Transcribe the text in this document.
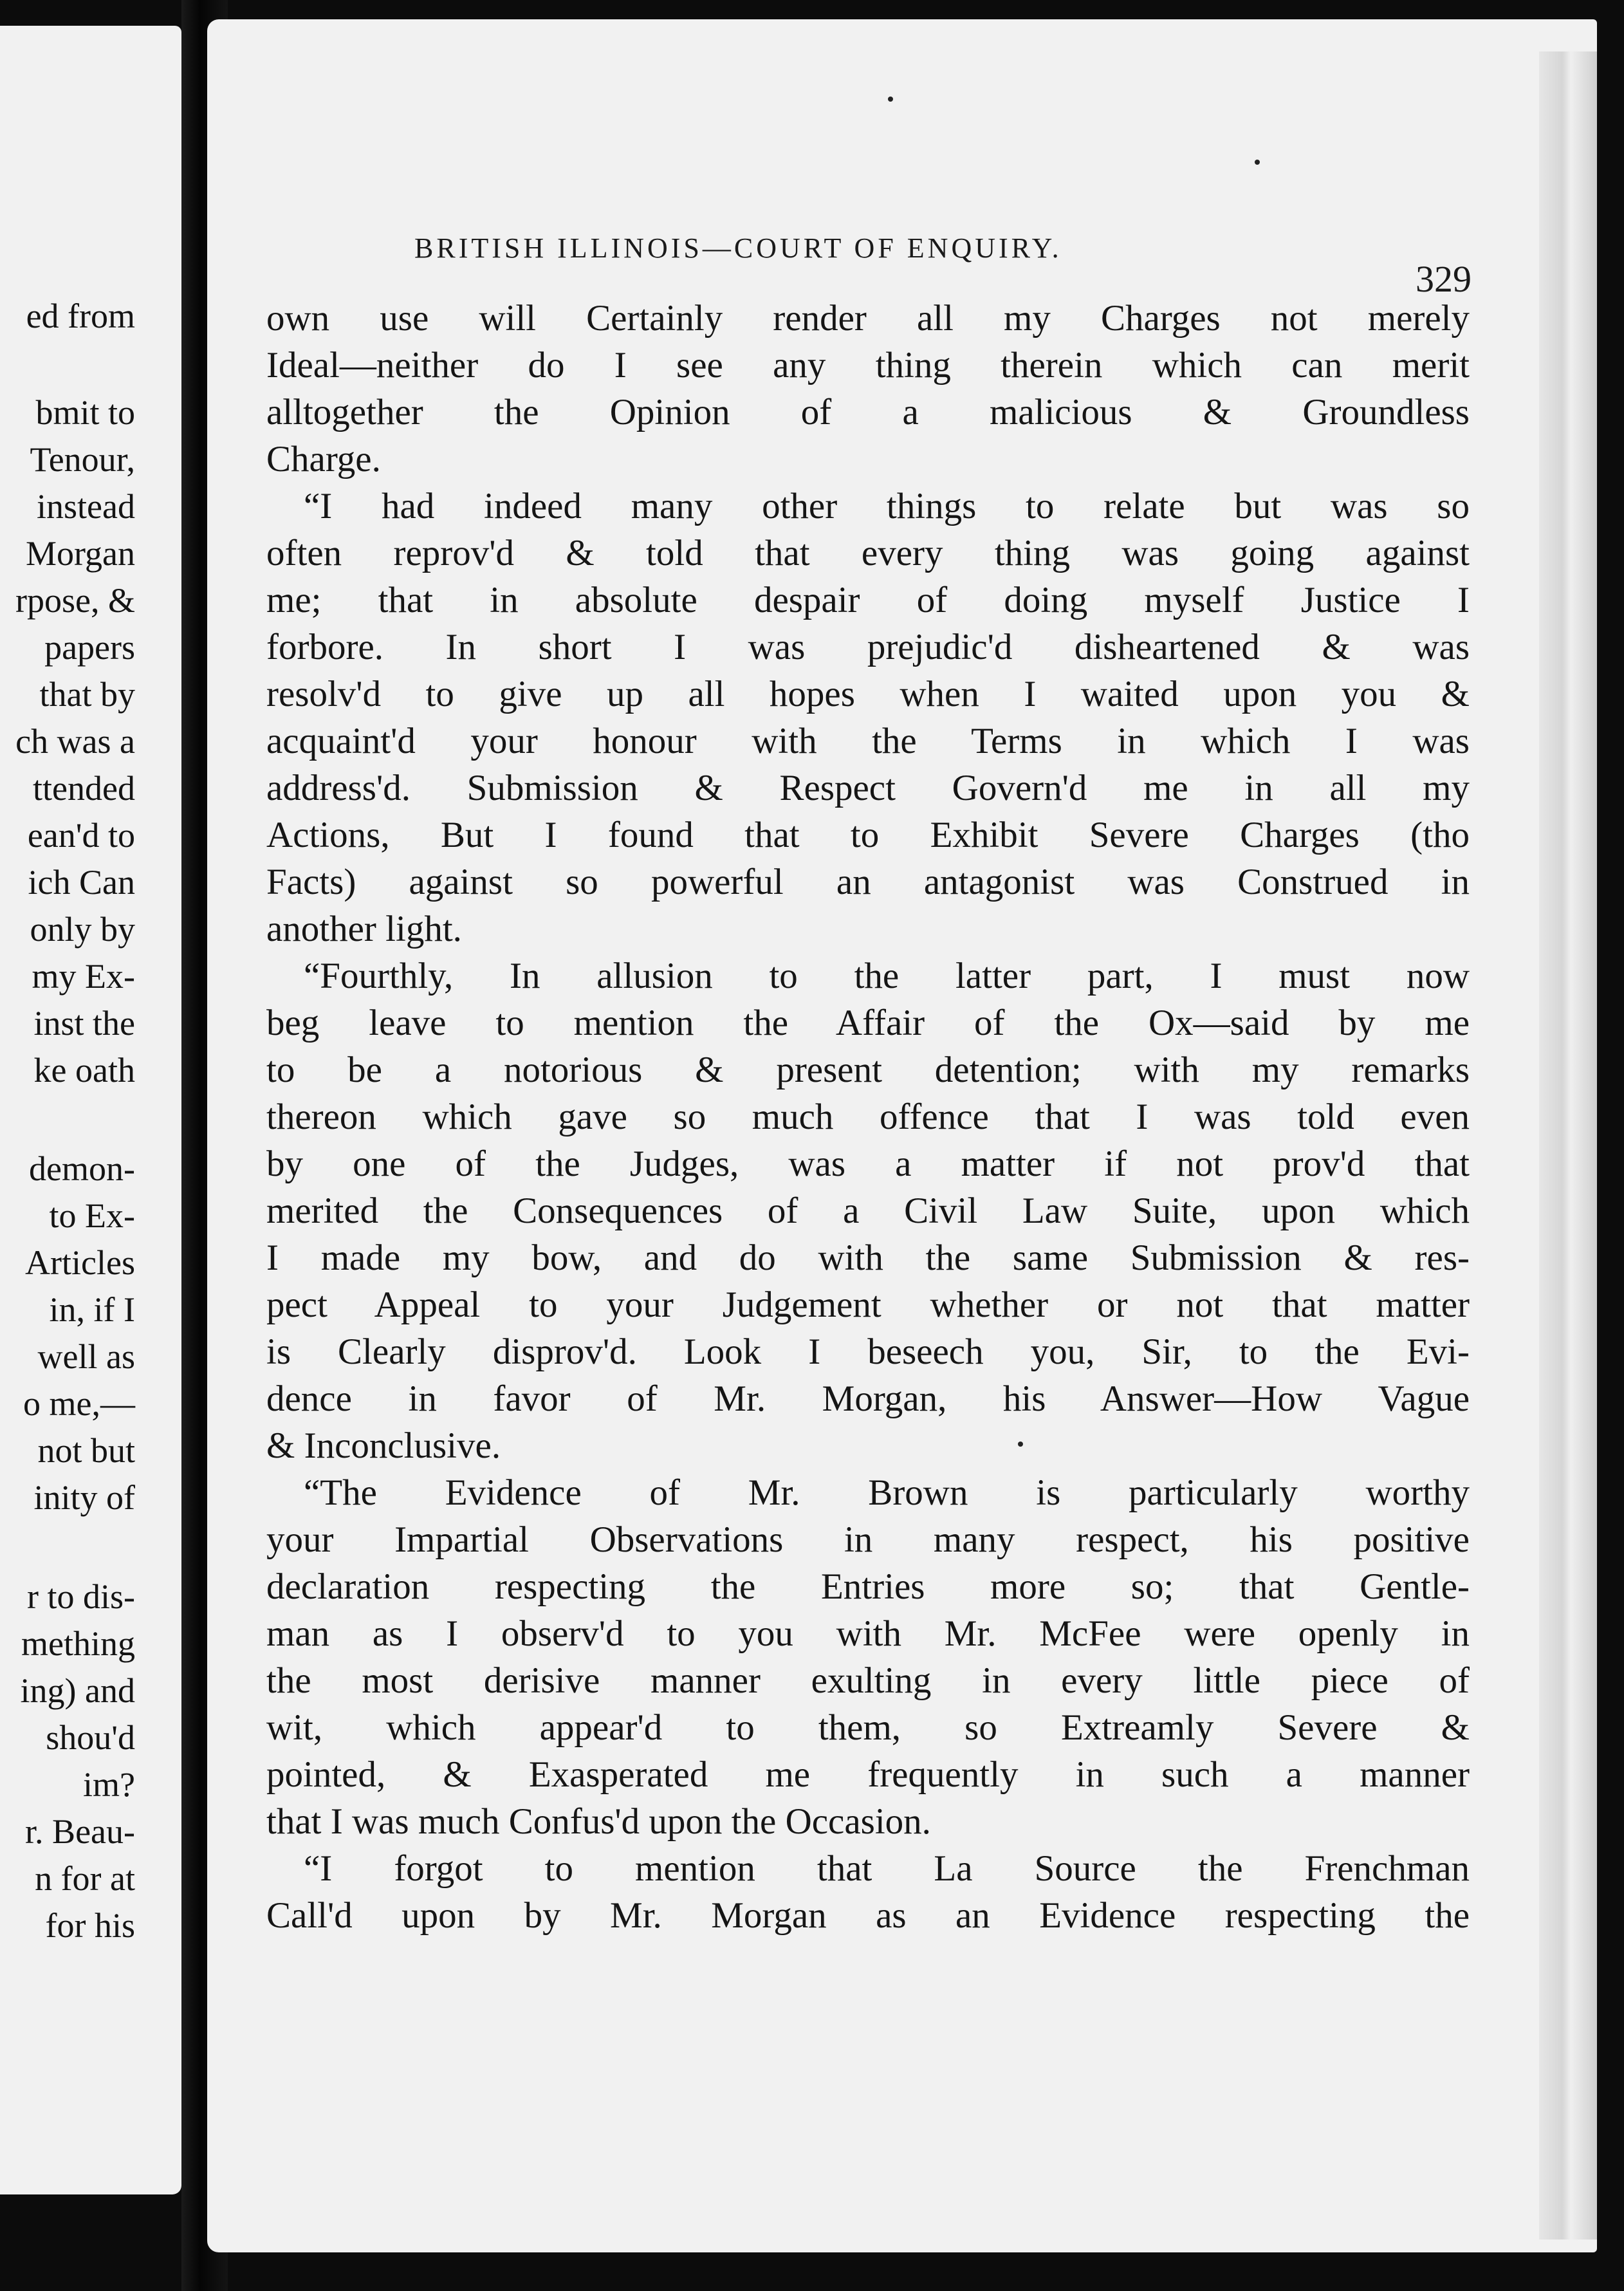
ed from
bmit to
Tenour,
instead
Morgan
rpose, &
papers
that by
ch was a
ttended
ean'd to
ich Can
only by
my Ex-
inst the
ke oath
demon-
to Ex-
Articles
in, if I
well as
o me,—
not but
inity of
r to dis-
mething
ing) and
shou'd
im?
r. Beau-
n for at
for his
BRITISH ILLINOIS—COURT OF ENQUIRY.
329
own use will Certainly render all my Charges not merely
Ideal—neither do I see any thing therein which can merit
alltogether the Opinion of a malicious & Groundless
Charge.
“I had indeed many other things to relate but was so
often reprov'd & told that every thing was going against
me; that in absolute despair of doing myself Justice I
forbore. In short I was prejudic'd disheartened & was
resolv'd to give up all hopes when I waited upon you &
acquaint'd your honour with the Terms in which I was
address'd. Submission & Respect Govern'd me in all my
Actions, But I found that to Exhibit Severe Charges (tho
Facts) against so powerful an antagonist was Construed in
another light.
“Fourthly, In allusion to the latter part, I must now
beg leave to mention the Affair of the Ox—said by me
to be a notorious & present detention; with my remarks
thereon which gave so much offence that I was told even
by one of the Judges, was a matter if not prov'd that
merited the Consequences of a Civil Law Suite, upon which
I made my bow, and do with the same Submission & res-
pect Appeal to your Judgement whether or not that matter
is Clearly disprov'd. Look I beseech you, Sir, to the Evi-
dence in favor of Mr. Morgan, his Answer—How Vague
& Inconclusive.
“The Evidence of Mr. Brown is particularly worthy
your Impartial Observations in many respect, his positive
declaration respecting the Entries more so; that Gentle-
man as I observ'd to you with Mr. McFee were openly in
the most derisive manner exulting in every little piece of
wit, which appear'd to them, so Extreamly Severe &
pointed, & Exasperated me frequently in such a manner
that I was much Confus'd upon the Occasion.
“I forgot to mention that La Source the Frenchman
Call'd upon by Mr. Morgan as an Evidence respecting the
